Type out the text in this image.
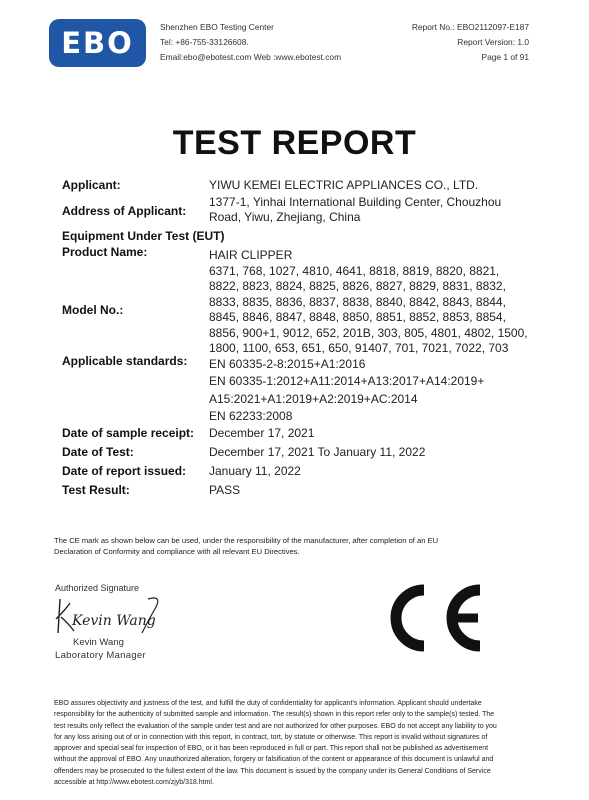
EBO	Shenzhen EBO Testing Center
Tel: +86-755-33126608.
Email:ebo@ebotest.com Web :www.ebotest.com
Report No.: EBO2112097-E187
Report Version: 1.0
Page 1 of 91
TEST REPORT
Applicant:	YIWU KEMEI ELECTRIC APPLIANCES CO., LTD.
Address of Applicant:
1377-1, Yinhai International Building Center, Chouzhou
Road, Yiwu, Zhejiang, China
Equipment Under Test (EUT)
Product Name:	HAIR CLIPPER
Model No.:
6371, 768, 1027, 4810, 4641, 8818, 8819, 8820, 8821,
8822, 8823, 8824, 8825, 8826, 8827, 8829, 8831, 8832,
8833, 8835, 8836, 8837, 8838, 8840, 8842, 8843, 8844,
8845, 8846, 8847, 8848, 8850, 8851, 8852, 8853, 8854,
8856, 900+1, 9012, 652, 201B, 303, 805, 4801, 4802, 1500,
1800, 1100, 653, 651, 650, 91407, 701, 7021, 7022, 703
Applicable standards: EN 60335-2-8:2015+A1:2016
EN 60335-1:2012+A11:2014+A13:2017+A14:2019+
A15:2021+A1:2019+A2:2019+AC:2014
EN 62233:2008
Date of sample receipt: December 17, 2021
Date of Test:	December 17, 2021 To January 11, 2022
Date of report issued: January 11, 2022
Test Result:	PASS
The CE mark as shown below can be used, under the responsibility of the manufacturer, after completion of an EU
Declaration of Conformity and compliance with all relevant EU Directives.
Authorized Signature
Kevin Wang
Kevin Wang
Laboratory Manager
EBO assures objectivity and justness of the test, and fulfill the duty of confidentiality for applicant's information. Applicant should undertake
responsibility for the authenticity of submitted sample and information. The result(s) shown in this report refer only to the sample(s) tested. The
test results only reflect the evaluation of the sample under test and are not authorized for other purposes. EBO do not accept any liability to you
for any loss arising out of or in connection with this report, in contract, tort, by statute or otherwise. This report is invalid without signatures of
approver and special seal for inspection of EBO, or it has been reproduced in full or part. This report shall not be published as advertisement
without the approval of EBO. Any unauthorized alteration, forgery or falsification of the content or appearance of this document is unlawful and
offenders may be prosecuted to the fullest extent of the law. This document is issued by the company under its General Conditions of Service
accessible at http://www.ebotest.com/zjyb/318.html.
